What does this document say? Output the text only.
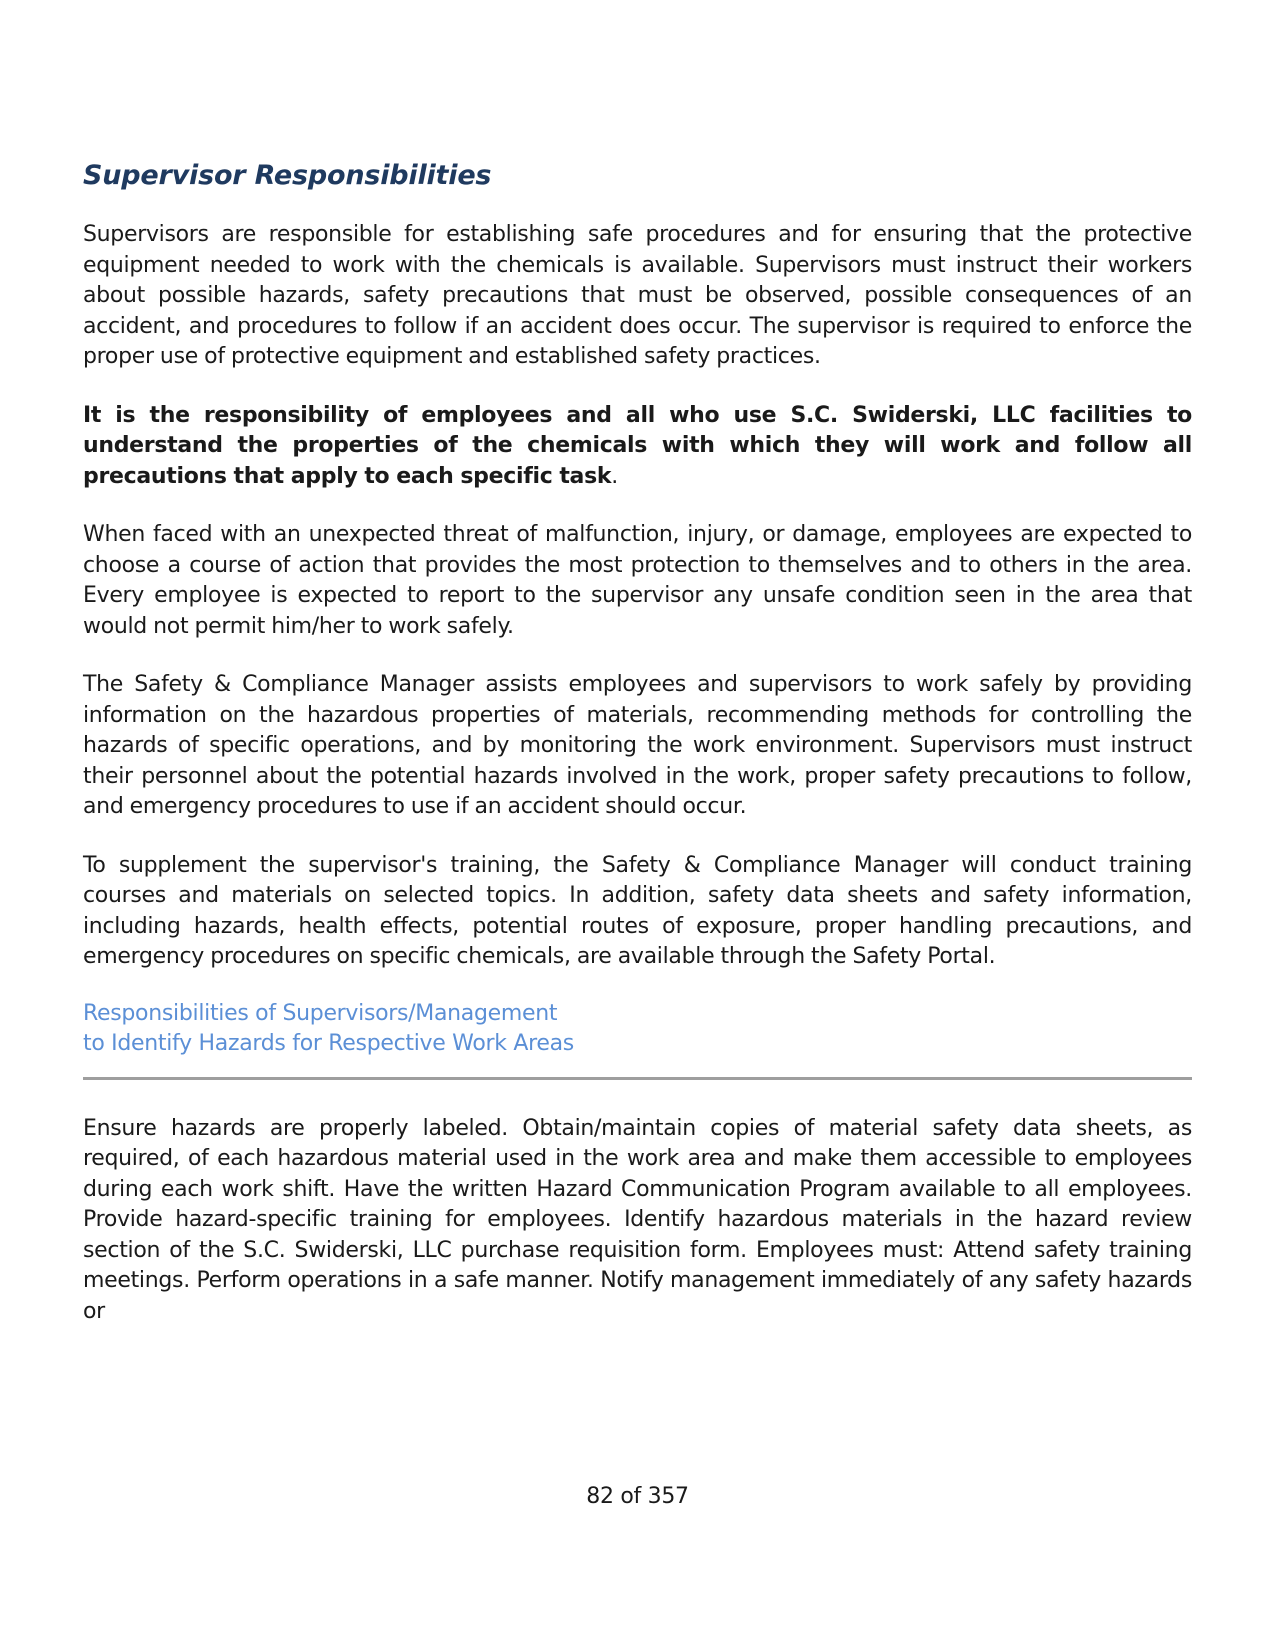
Supervisor Responsibilities

Supervisors are responsible for establishing safe procedures and for ensuring that the protective equipment needed to work with the chemicals is available. Supervisors must instruct their workers about possible hazards, safety precautions that must be observed, possible consequences of an accident, and procedures to follow if an accident does occur. The supervisor is required to enforce the proper use of protective equipment and established safety practices.

It is the responsibility of employees and all who use S.C. Swiderski, LLC facilities to understand the properties of the chemicals with which they will work and follow all precautions that apply to each specific task.

When faced with an unexpected threat of malfunction, injury, or damage, employees are expected to choose a course of action that provides the most protection to themselves and to others in the area. Every employee is expected to report to the supervisor any unsafe condition seen in the area that would not permit him/her to work safely.

The Safety & Compliance Manager assists employees and supervisors to work safely by providing information on the hazardous properties of materials, recommending methods for controlling the hazards of specific operations, and by monitoring the work environment. Supervisors must instruct their personnel about the potential hazards involved in the work, proper safety precautions to follow, and emergency procedures to use if an accident should occur.

To supplement the supervisor's training, the Safety & Compliance Manager will conduct training courses and materials on selected topics. In addition, safety data sheets and safety information, including hazards, health effects, potential routes of exposure, proper handling precautions, and emergency procedures on specific chemicals, are available through the Safety Portal.

Responsibilities of Supervisors/Management
to Identify Hazards for Respective Work Areas

Ensure hazards are properly labeled. Obtain/maintain copies of material safety data sheets, as required, of each hazardous material used in the work area and make them accessible to employees during each work shift. Have the written Hazard Communication Program available to all employees. Provide hazard-specific training for employees. Identify hazardous materials in the hazard review section of the S.C. Swiderski, LLC purchase requisition form. Employees must: Attend safety training meetings. Perform operations in a safe manner. Notify management immediately of any safety hazards or

82 of 357
